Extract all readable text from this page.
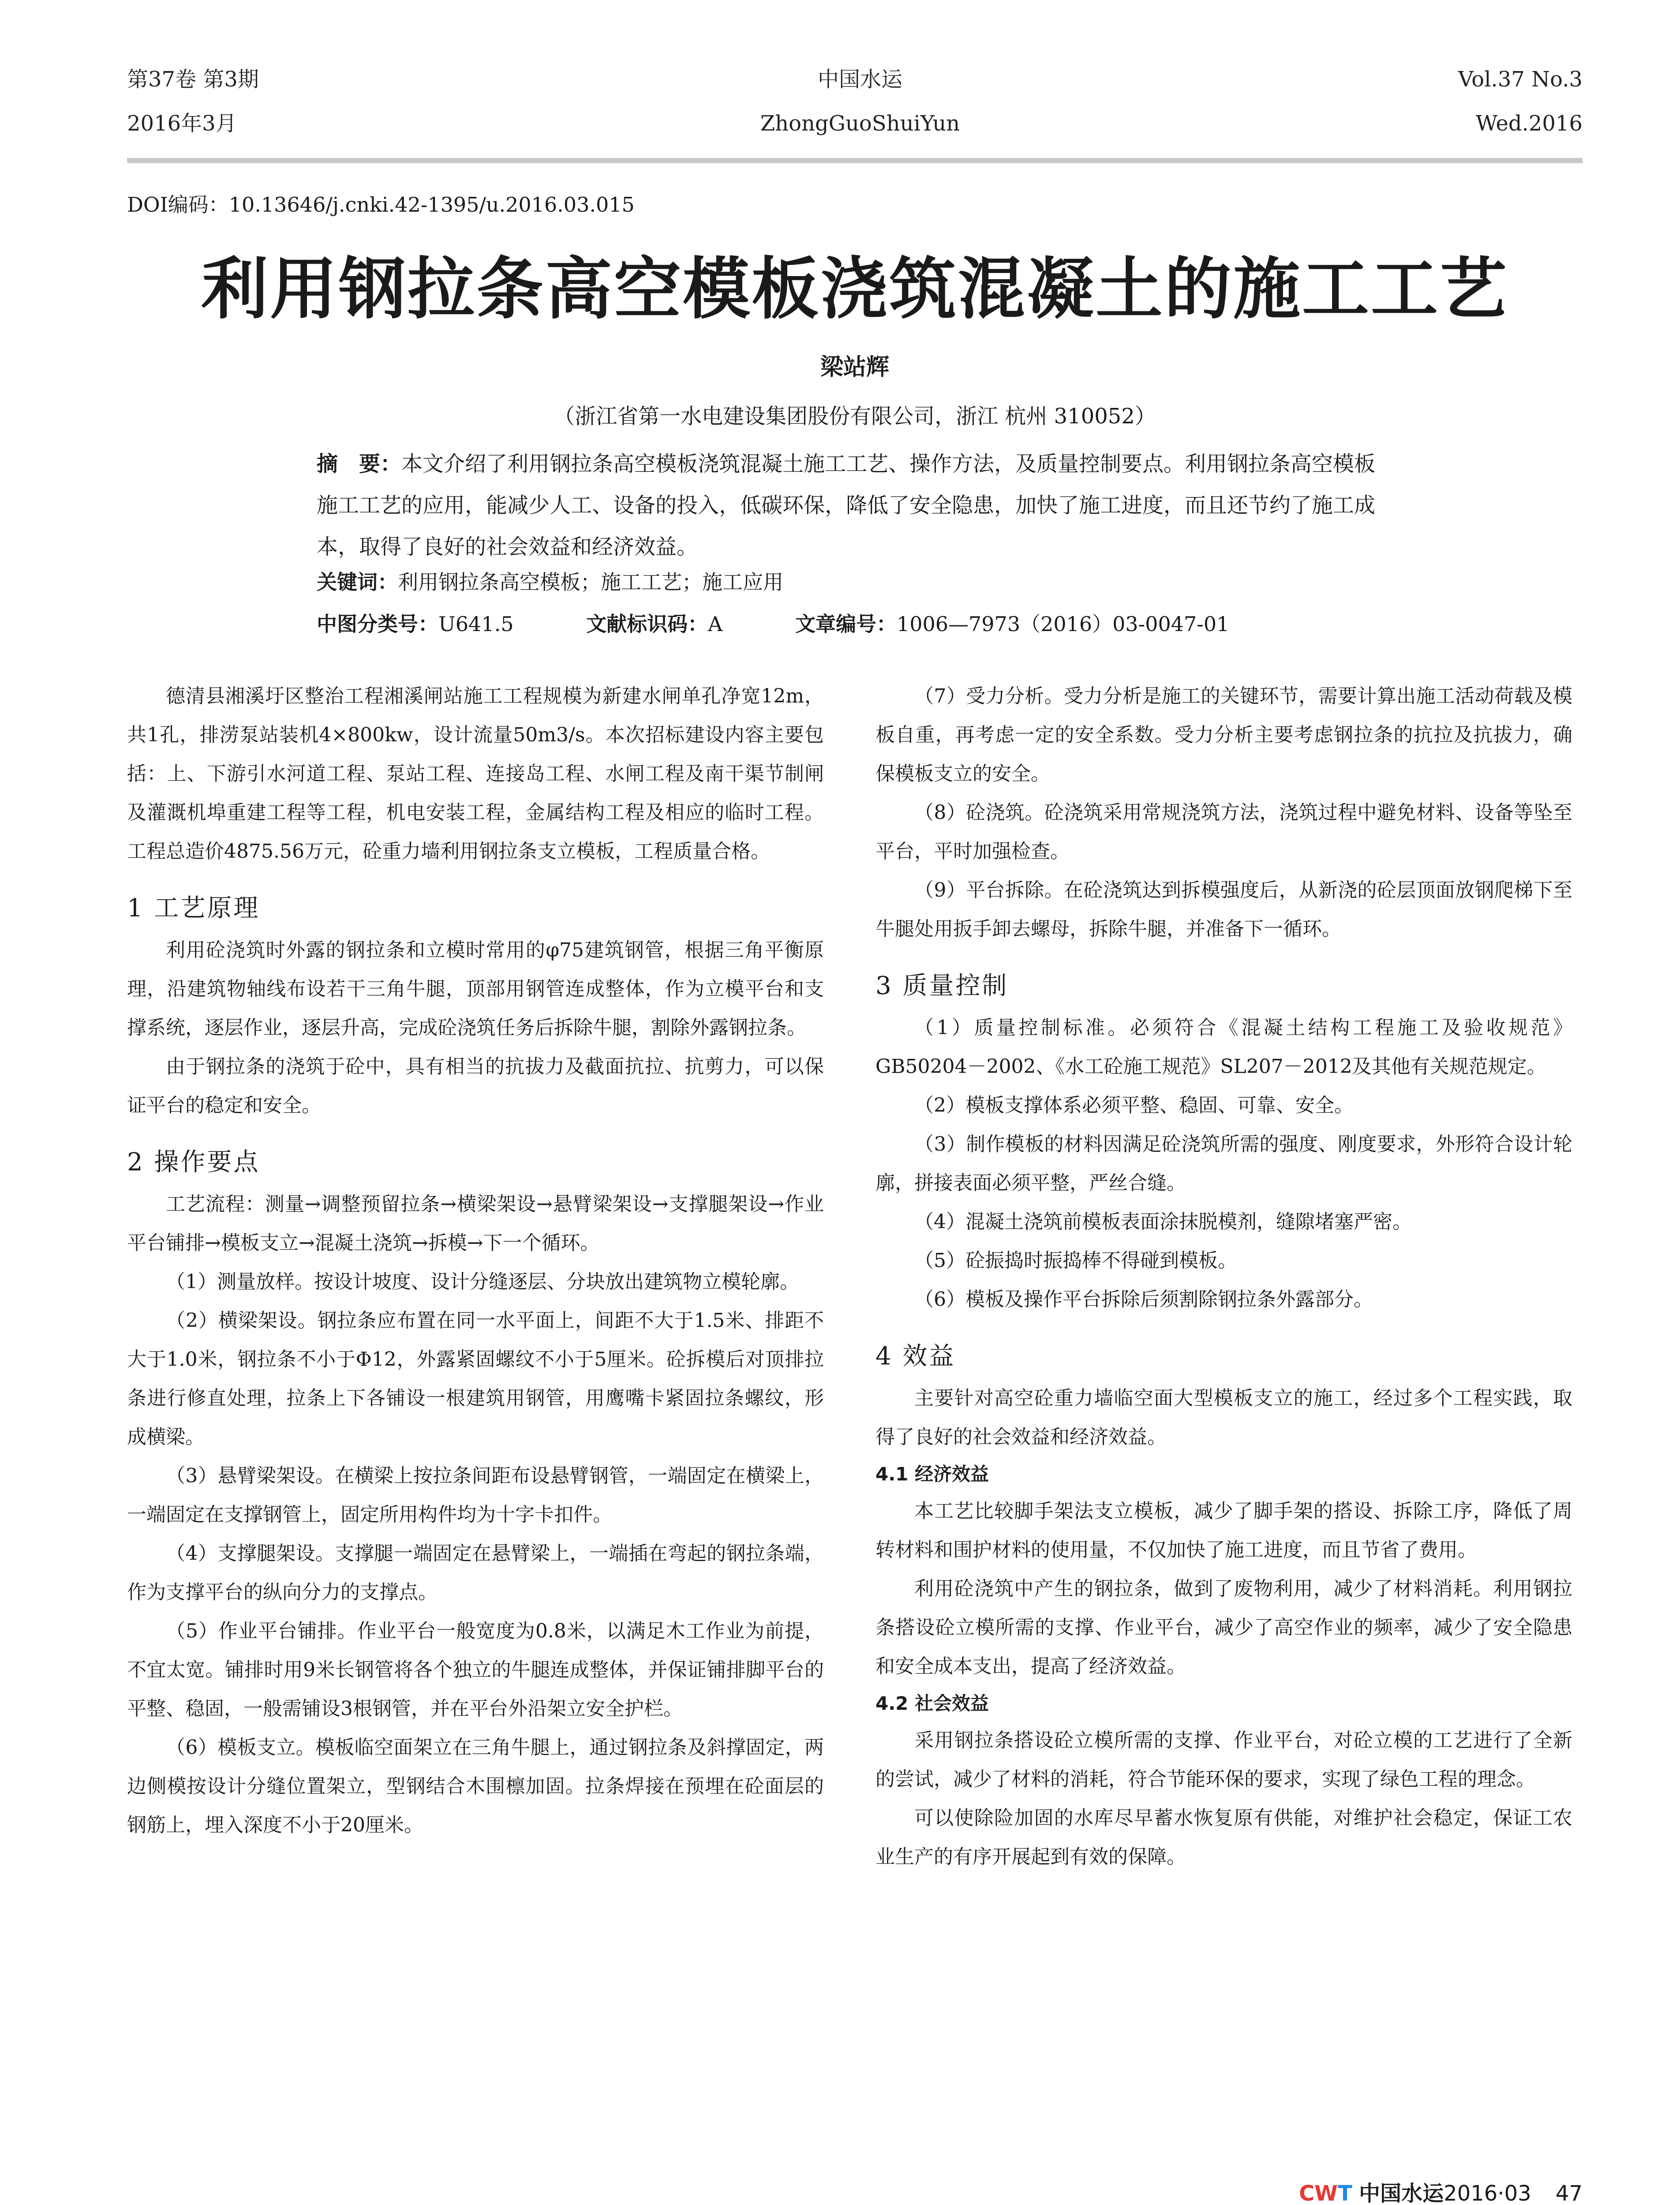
第37卷 第3期
2016年3月
中国水运
ZhongGuoShuiYun
Vol.37 No.3
Wed.2016
DOI编码：10.13646/j.cnki.42-1395/u.2016.03.015
利用钢拉条高空模板浇筑混凝土的施工工艺
梁站辉
（浙江省第一水电建设集团股份有限公司，浙江 杭州 310052）
摘　要：本文介绍了利用钢拉条高空模板浇筑混凝土施工工艺、操作方法，及质量控制要点。利用钢拉条高空模板施工工艺的应用，能减少人工、设备的投入，低碳环保，降低了安全隐患，加快了施工进度，而且还节约了施工成本，取得了良好的社会效益和经济效益。
关键词：利用钢拉条高空模板；施工工艺；施工应用
中图分类号：U641.5	文献标识码：A	文章编号：1006—7973（2016）03-0047-01

德清县湘溪圩区整治工程湘溪闸站施工工程规模为新建水闸单孔净宽12m，共1孔，排涝泵站装机4×800kw，设计流量50m3/s。本次招标建设内容主要包括：上、下游引水河道工程、泵站工程、连接岛工程、水闸工程及南干渠节制闸及灌溉机埠重建工程等工程，机电安装工程，金属结构工程及相应的临时工程。工程总造价4875.56万元，砼重力墙利用钢拉条支立模板，工程质量合格。

1 工艺原理

利用砼浇筑时外露的钢拉条和立模时常用的φ75建筑钢管，根据三角平衡原理，沿建筑物轴线布设若干三角牛腿，顶部用钢管连成整体，作为立模平台和支撑系统，逐层作业，逐层升高，完成砼浇筑任务后拆除牛腿，割除外露钢拉条。

由于钢拉条的浇筑于砼中，具有相当的抗拔力及截面抗拉、抗剪力，可以保证平台的稳定和安全。

2 操作要点

工艺流程：测量→调整预留拉条→横梁架设→悬臂梁架设→支撑腿架设→作业平台铺排→模板支立→混凝土浇筑→拆模→下一个循环。

（1）测量放样。按设计坡度、设计分缝逐层、分块放出建筑物立模轮廓。

（2）横梁架设。钢拉条应布置在同一水平面上，间距不大于1.5米、排距不大于1.0米，钢拉条不小于Φ12，外露紧固螺纹不小于5厘米。砼拆模后对顶排拉条进行修直处理，拉条上下各铺设一根建筑用钢管，用鹰嘴卡紧固拉条螺纹，形成横梁。

（3）悬臂梁架设。在横梁上按拉条间距布设悬臂钢管，一端固定在横梁上，一端固定在支撑钢管上，固定所用构件均为十字卡扣件。

（4）支撑腿架设。支撑腿一端固定在悬臂梁上，一端插在弯起的钢拉条端，作为支撑平台的纵向分力的支撑点。

（5）作业平台铺排。作业平台一般宽度为0.8米，以满足木工作业为前提，不宜太宽。铺排时用9米长钢管将各个独立的牛腿连成整体，并保证铺排脚平台的平整、稳固，一般需铺设3根钢管，并在平台外沿架立安全护栏。

（6）模板支立。模板临空面架立在三角牛腿上，通过钢拉条及斜撑固定，两边侧模按设计分缝位置架立，型钢结合木围檩加固。拉条焊接在预埋在砼面层的钢筋上，埋入深度不小于20厘米。

（7）受力分析。受力分析是施工的关键环节，需要计算出施工活动荷载及模板自重，再考虑一定的安全系数。受力分析主要考虑钢拉条的抗拉及抗拔力，确保模板支立的安全。

（8）砼浇筑。砼浇筑采用常规浇筑方法，浇筑过程中避免材料、设备等坠至平台，平时加强检查。

（9）平台拆除。在砼浇筑达到拆模强度后，从新浇的砼层顶面放钢爬梯下至牛腿处用扳手卸去螺母，拆除牛腿，并准备下一循环。

3 质量控制

（1）质量控制标准。必须符合《混凝土结构工程施工及验收规范》GB50204－2002、《水工砼施工规范》SL207－2012及其他有关规范规定。

（2）模板支撑体系必须平整、稳固、可靠、安全。

（3）制作模板的材料因满足砼浇筑所需的强度、刚度要求，外形符合设计轮廓，拼接表面必须平整，严丝合缝。

（4）混凝土浇筑前模板表面涂抹脱模剂，缝隙堵塞严密。

（5）砼振捣时振捣棒不得碰到模板。

（6）模板及操作平台拆除后须割除钢拉条外露部分。

4 效益

主要针对高空砼重力墙临空面大型模板支立的施工，经过多个工程实践，取得了良好的社会效益和经济效益。

4.1 经济效益

本工艺比较脚手架法支立模板，减少了脚手架的搭设、拆除工序，降低了周转材料和围护材料的使用量，不仅加快了施工进度，而且节省了费用。

利用砼浇筑中产生的钢拉条，做到了废物利用，减少了材料消耗。利用钢拉条搭设砼立模所需的支撑、作业平台，减少了高空作业的频率，减少了安全隐患和安全成本支出，提高了经济效益。

4.2 社会效益

采用钢拉条搭设砼立模所需的支撑、作业平台，对砼立模的工艺进行了全新的尝试，减少了材料的消耗，符合节能环保的要求，实现了绿色工程的理念。

可以使除险加固的水库尽早蓄水恢复原有供能，对维护社会稳定，保证工农业生产的有序开展起到有效的保障。

CWT 中国水运2016·03 47
